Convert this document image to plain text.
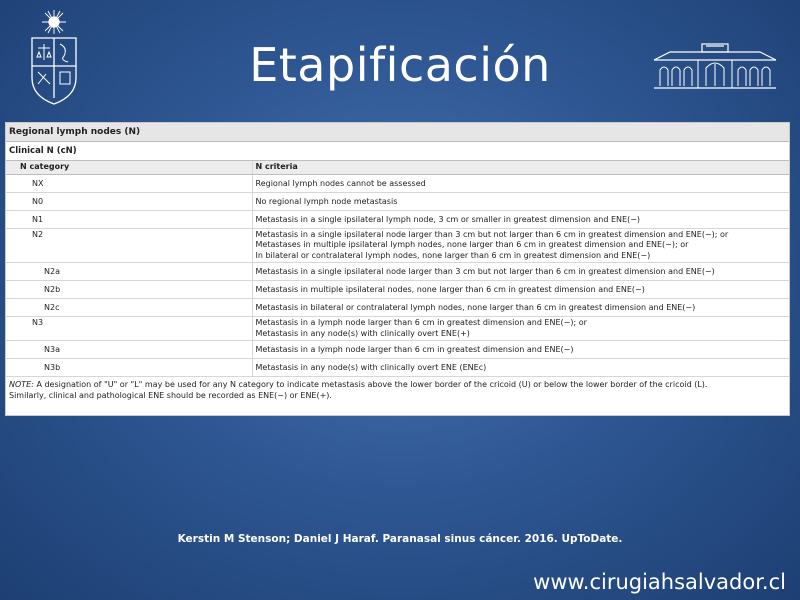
Etapificación
Regional lymph nodes (N)
Clinical N (cN)
N category	N criteria
NX	Regional lymph nodes cannot be assessed

N0	No regional lymph node metastasis

N1	Metastasis in a single ipsilateral lymph node, 3 cm or smaller in greatest dimension and ENE(−)

N2	Metastasis in a single ipsilateral node larger than 3 cm but not larger than 6 cm in greatest dimension and ENE(−); or
Metastases in multiple ipsilateral lymph nodes, none larger than 6 cm in greatest dimension and ENE(−); or
In bilateral or contralateral lymph nodes, none larger than 6 cm in greatest dimension and ENE(−)

N2a	Metastasis in a single ipsilateral node larger than 3 cm but not larger than 6 cm in greatest dimension and ENE(−)

N2b	Metastasis in multiple ipsilateral nodes, none larger than 6 cm in greatest dimension and ENE(−)

N2c	Metastasis in bilateral or contralateral lymph nodes, none larger than 6 cm in greatest dimension and ENE(−)

N3	Metastasis in a lymph node larger than 6 cm in greatest dimension and ENE(−); or
Metastasis in any node(s) with clinically overt ENE(+)

N3a	Metastasis in a lymph node larger than 6 cm in greatest dimension and ENE(−)

N3b	Metastasis in any node(s) with clinically overt ENE (ENEc)
NOTE: A designation of "U" or "L" may be used for any N category to indicate metastasis above the lower border of the cricoid (U) or below the lower border of the cricoid (L).
Similarly, clinical and pathological ENE should be recorded as ENE(−) or ENE(+).
Kerstin M Stenson; Daniel J Haraf. Paranasal sinus cáncer. 2016. UpToDate.
www.cirugiahsalvador.cl
